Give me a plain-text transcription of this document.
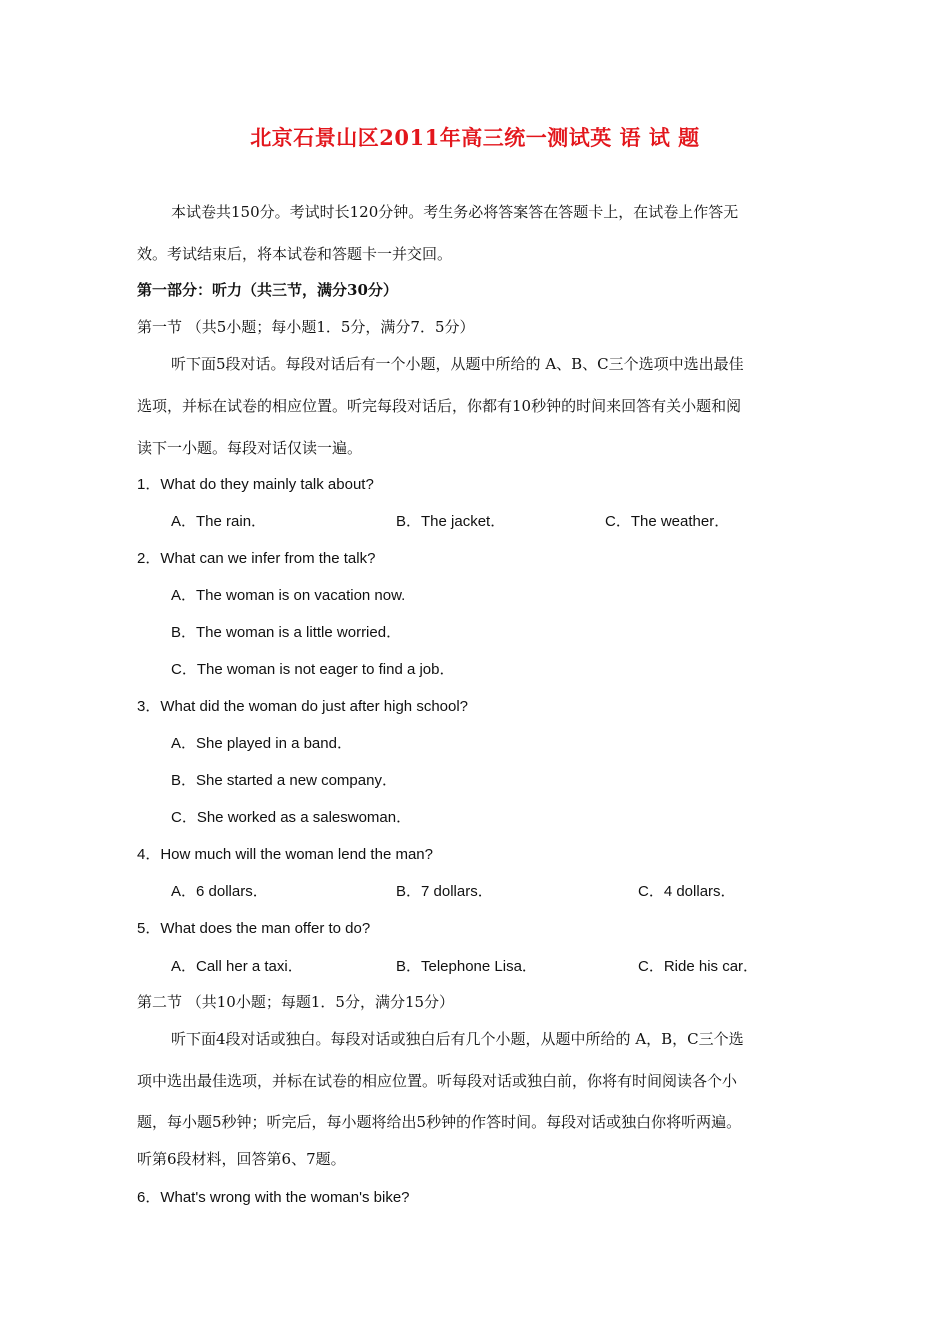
北京石景山区2011年高三统一测试英 语 试 题
本试卷共150分。考试时长120分钟。考生务必将答案答在答题卡上，在试卷上作答无
效。考试结束后，将本试卷和答题卡一并交回。
第一部分：听力（共三节，满分30分）
第一节 （共5小题；每小题1．5分，满分7．5分）
听下面5段对话。每段对话后有一个小题，从题中所给的 A、B、C三个选项中选出最佳
选项，并标在试卷的相应位置。听完每段对话后，你都有10秒钟的时间来回答有关小题和阅
读下一小题。每段对话仅读一遍。
1．What do they mainly talk about?
A．The rain．	B．The jacket．	C．The weather．
2．What can we infer from the talk?
A．The woman is on vacation now.
B．The woman is a little worried．
C．The woman is not eager to find a job．
3．What did the woman do just after high school?
A．She played in a band．
B．She started a new company．
C．She worked as a saleswoman．
4．How much will the woman lend the man?
A．6 dollars．	B．7 dollars．	C．4 dollars．
5．What does the man offer to do?
A．Call her a taxi．	B．Telephone Lisa．	C．Ride his car．
第二节 （共10小题；每题1．5分，满分15分）
听下面4段对话或独白。每段对话或独白后有几个小题，从题中所给的 A，B，C三个选
项中选出最佳选项，并标在试卷的相应位置。听每段对话或独白前，你将有时间阅读各个小
题，每小题5秒钟；听完后，每小题将给出5秒钟的作答时间。每段对话或独白你将听两遍。
听第6段材料，回答第6、7题。
6．What's wrong with the woman's bike?
